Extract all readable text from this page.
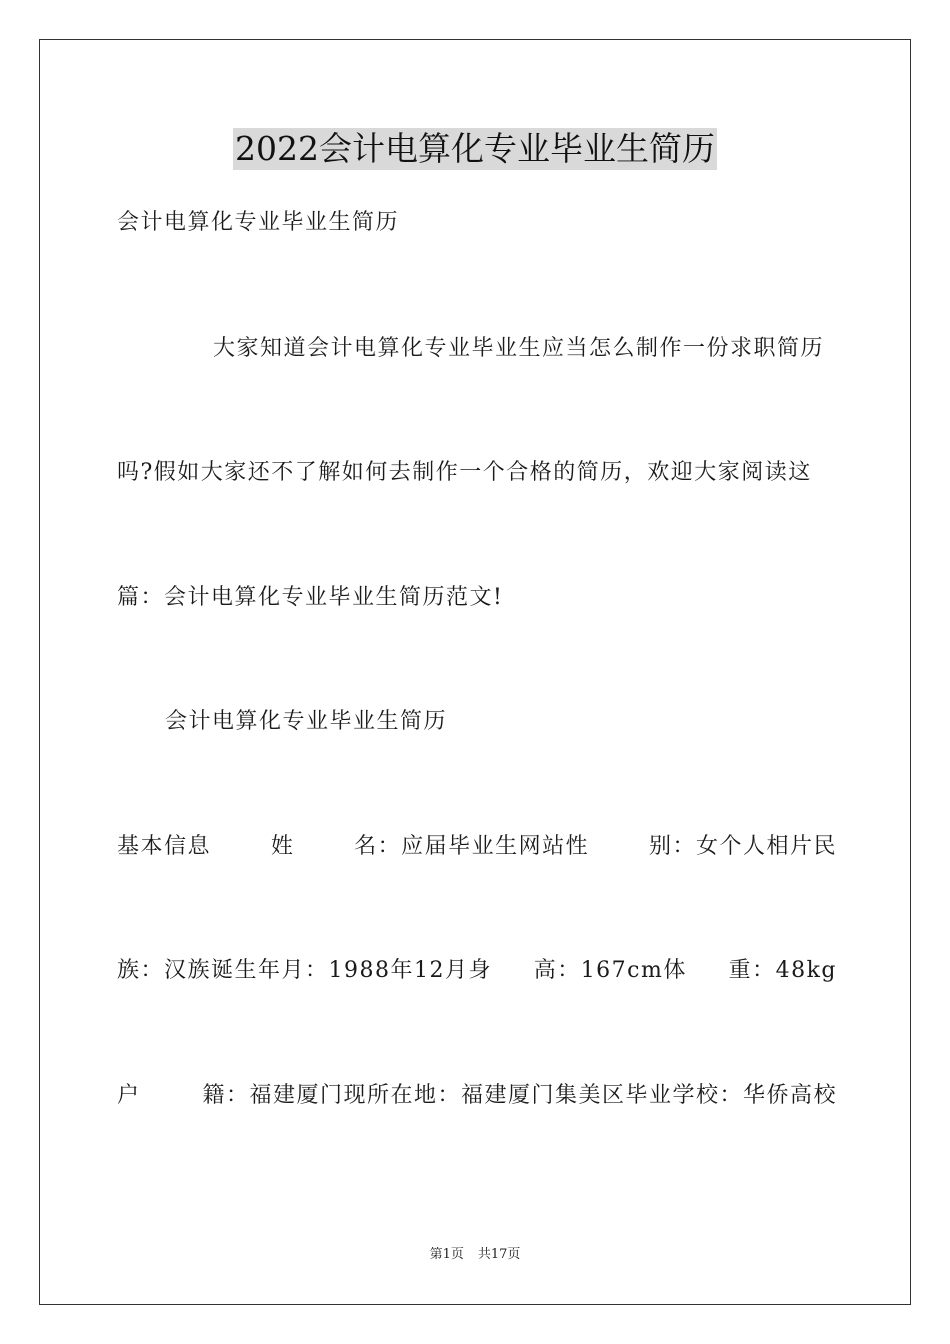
2022会计电算化专业毕业生简历
会计电算化专业毕业生简历
大家知道会计电算化专业毕业生应当怎么制作一份求职简历
吗?假如大家还不了解如何去制作一个合格的简历，欢迎大家阅读这
篇：会计电算化专业毕业生简历范文!
会计电算化专业毕业生简历
基本信息	姓	名：应届毕业生网站性	别：女个人相片民
族：汉族诞生年月：1988年12月身 高：167cm体 重：48kg
户	籍：福建厦门现所在地：福建厦门集美区毕业学校：华侨高校
第1页 共17页
